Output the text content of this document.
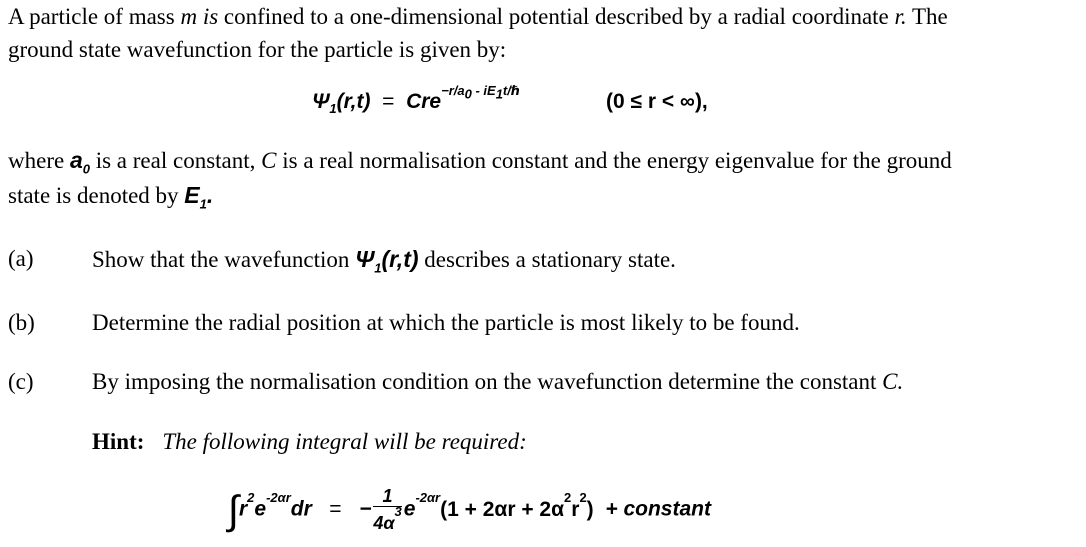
A particle of mass m is confined to a one-dimensional potential described by a radial coordinate r. The
ground state wavefunction for the particle is given by:
$\Psi_1(r,t) = Cre^{-r/a_0 - iE_1t/\hbar}$	(0 ≤ r < ∞),
where $a_0$ is a real constant, C is a real normalisation constant and the energy eigenvalue for the ground
state is denoted by $E_1$.
(a)	Show that the wavefunction $\Psi_1(r,t)$ describes a stationary state.
(b) Determine the radial position at which the particle is most likely to be found.
(c)	By imposing the normalisation condition on the wavefunction determine the constant C.
Hint: The following integral will be required:
$\int r^2e^{-2\alpha r}dr$ = − $\frac{1}{4\alpha^3} e^{-2\alpha r}(1 + 2\alpha r + 2\alpha^2r^2)$ + constant
